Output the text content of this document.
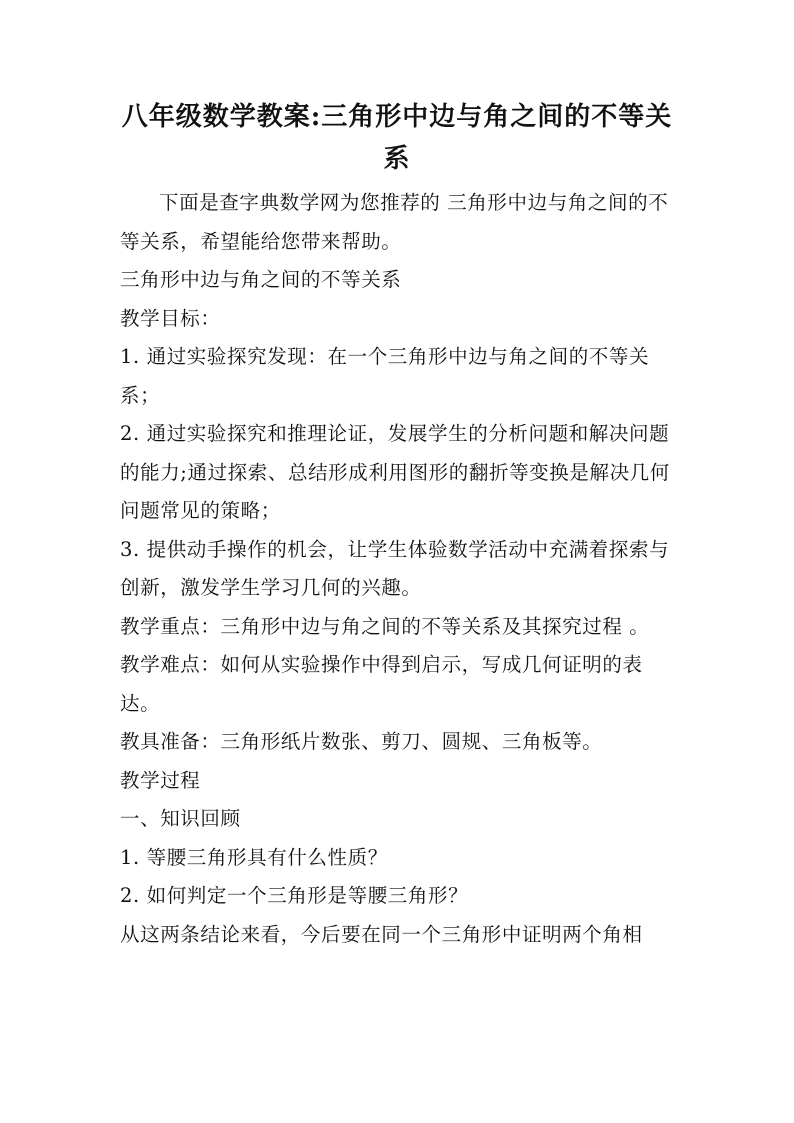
八年级数学教案:三角形中边与角之间的不等关
系

下面是查字典数学网为您推荐的 三角形中边与角之间的不等关系，希望能给您带来帮助。

三角形中边与角之间的不等关系

教学目标：

1. 通过实验探究发现：在一个三角形中边与角之间的不等关系；

2. 通过实验探究和推理论证，发展学生的分析问题和解决问题的能力;通过探索、总结形成利用图形的翻折等变换是解决几何问题常见的策略；

3. 提供动手操作的机会，让学生体验数学活动中充满着探索与创新，激发学生学习几何的兴趣。

教学重点：三角形中边与角之间的不等关系及其探究过程 。

教学难点：如何从实验操作中得到启示，写成几何证明的表达。

教具准备：三角形纸片数张、剪刀、圆规、三角板等。

教学过程

一、知识回顾

1. 等腰三角形具有什么性质？

2. 如何判定一个三角形是等腰三角形？

从这两条结论来看，今后要在同一个三角形中证明两个角相
